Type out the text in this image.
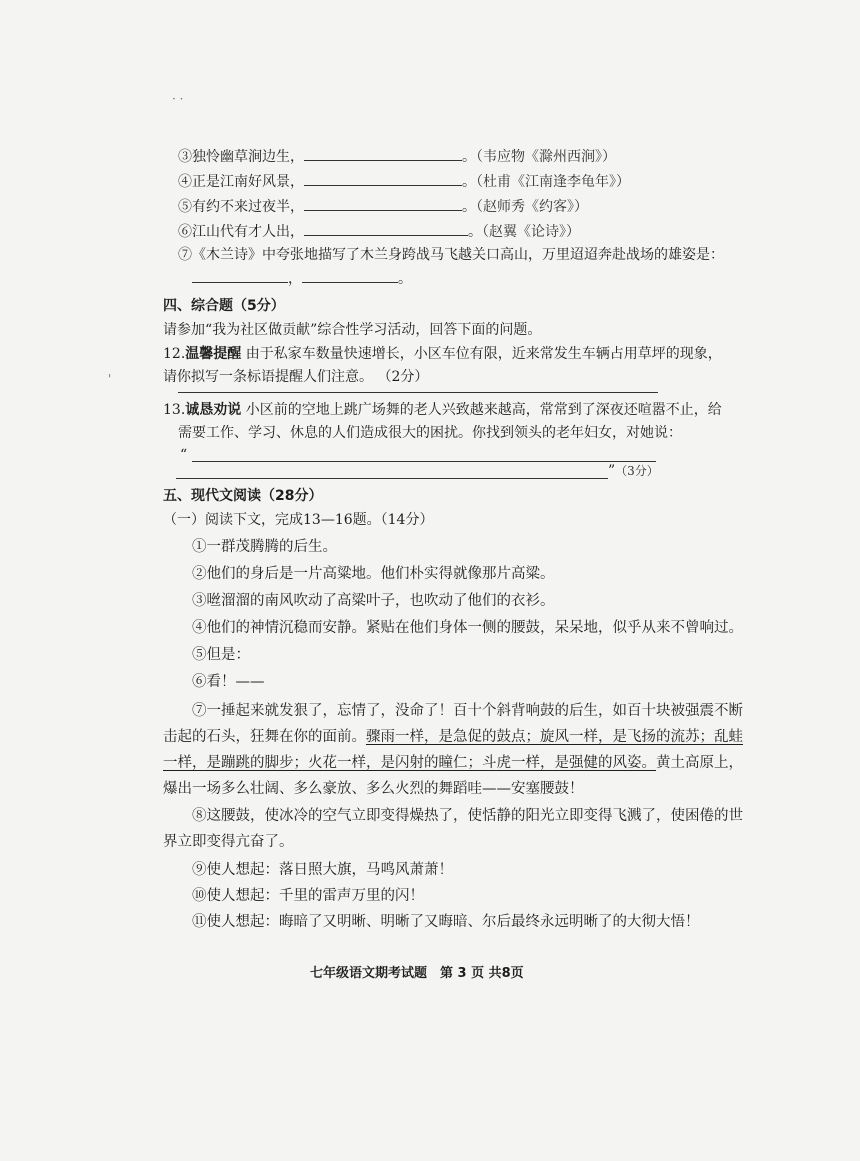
· ·
'
③独怜幽草涧边生，	。（韦应物《滁州西涧》）
④正是江南好风景，	。（杜甫《江南逢李龟年》）
⑤有约不来过夜半，	。（赵师秀《约客》）
⑥江山代有才人出，	。（赵翼《论诗》）
⑦《木兰诗》中夸张地描写了木兰身跨战马飞越关口高山，万里迢迢奔赴战场的雄姿是：
，	。
四、综合题（5分）
请参加“我为社区做贡献”综合性学习活动，回答下面的问题。
12.温馨提醒 由于私家车数量快速增长，小区车位有限，近来常发生车辆占用草坪的现象，
请你拟写一条标语提醒人们注意。 （2分）
13.诚恳劝说 小区前的空地上跳广场舞的老人兴致越来越高，常常到了深夜还喧嚣不止，给
需要工作、学习、休息的人们造成很大的困扰。你找到领头的老年妇女，对她说：
“
”（3分）
五、现代文阅读（28分）
（一）阅读下文，完成13—16题。（14分）
①一群茂腾腾的后生。
②他们的身后是一片高粱地。他们朴实得就像那片高粱。
③咝溜溜的南风吹动了高粱叶子，也吹动了他们的衣衫。
④他们的神情沉稳而安静。紧贴在他们身体一侧的腰鼓，呆呆地，似乎从来不曾响过。
⑤但是：
⑥看！——
⑦一捶起来就发狠了，忘情了，没命了！百十个斜背响鼓的后生，如百十块被强震不断
击起的石头，狂舞在你的面前。骤雨一样，是急促的鼓点；旋风一样，是飞扬的流苏；乱蛙
一样，是蹦跳的脚步；火花一样，是闪射的瞳仁；斗虎一样，是强健的风姿。黄土高原上，
爆出一场多么壮阔、多么豪放、多么火烈的舞蹈哇——安塞腰鼓！
⑧这腰鼓，使冰冷的空气立即变得燥热了，使恬静的阳光立即变得飞溅了，使困倦的世
界立即变得亢奋了。
⑨使人想起：落日照大旗，马鸣风萧萧！
⑩使人想起：千里的雷声万里的闪！
⑪使人想起：晦暗了又明晰、明晰了又晦暗、尔后最终永远明晰了的大彻大悟！
七年级语文期考试题 第 3 页 共8页
